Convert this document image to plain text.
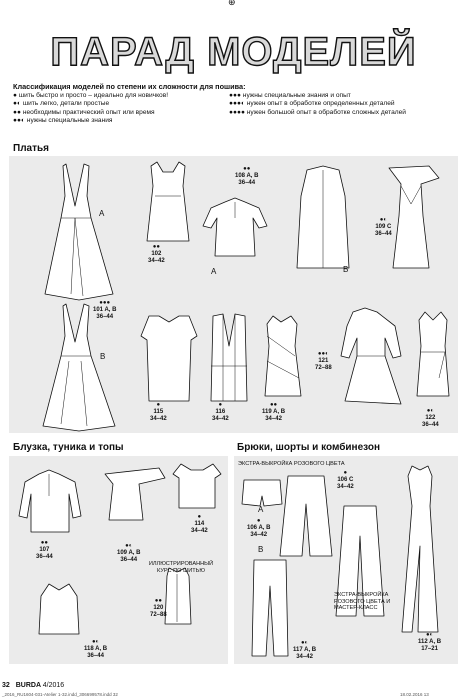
⊕
ПАРАД МОДЕЛЕЙ
Классификация моделей по степени их сложности для пошива:
● шить быстро и просто – идеально для новичков!
●◐ шить легко, детали простые
●● необходимы практический опыт или время
●●◐ нужны специальные знания
●●● нужны специальные знания и опыт
●●●◐ нужен опыт в обработке определенных деталей
●●●● нужен большой опыт в обработке сложных деталей
Платья
A
B
A	B
●●●
101 A, B
36–44
●●
102
34–42
●●
108 A, B
36–44
●◐
109 C
36–44
●
115
34–42
●
116
34–42
●●
119 A, B
34–42
●●◐
121
72–88
●◐
122
36–44
Блузка, туника и топы
●●
107
36–44
●◐
109 A, B
36–44
●
114
34–42
ИЛЛЮСТРИРОВАННЫЙ КУРС ПО ШИТЬЮ
●●
120
72–88
●◐
118 A, B
36–44
Брюки, шорты и комбинезон
ЭКСТРА-ВЫКРОЙКА РОЗОВОГО ЦВЕТА
A
●
106 A, B
34–42
B
●
106 C
34–42
●◐
117 A, B
34–42
ЭКСТРА-ВЫКРОЙКА РОЗОВОГО ЦВЕТА И МАСТЕР-КЛАСС
●◐
112 A, B
17–21
32 BURDA 4/2016
_2016_RU1604-031-Atelier 1-32.indd_306699578.indd 32	18.02.2016 13
